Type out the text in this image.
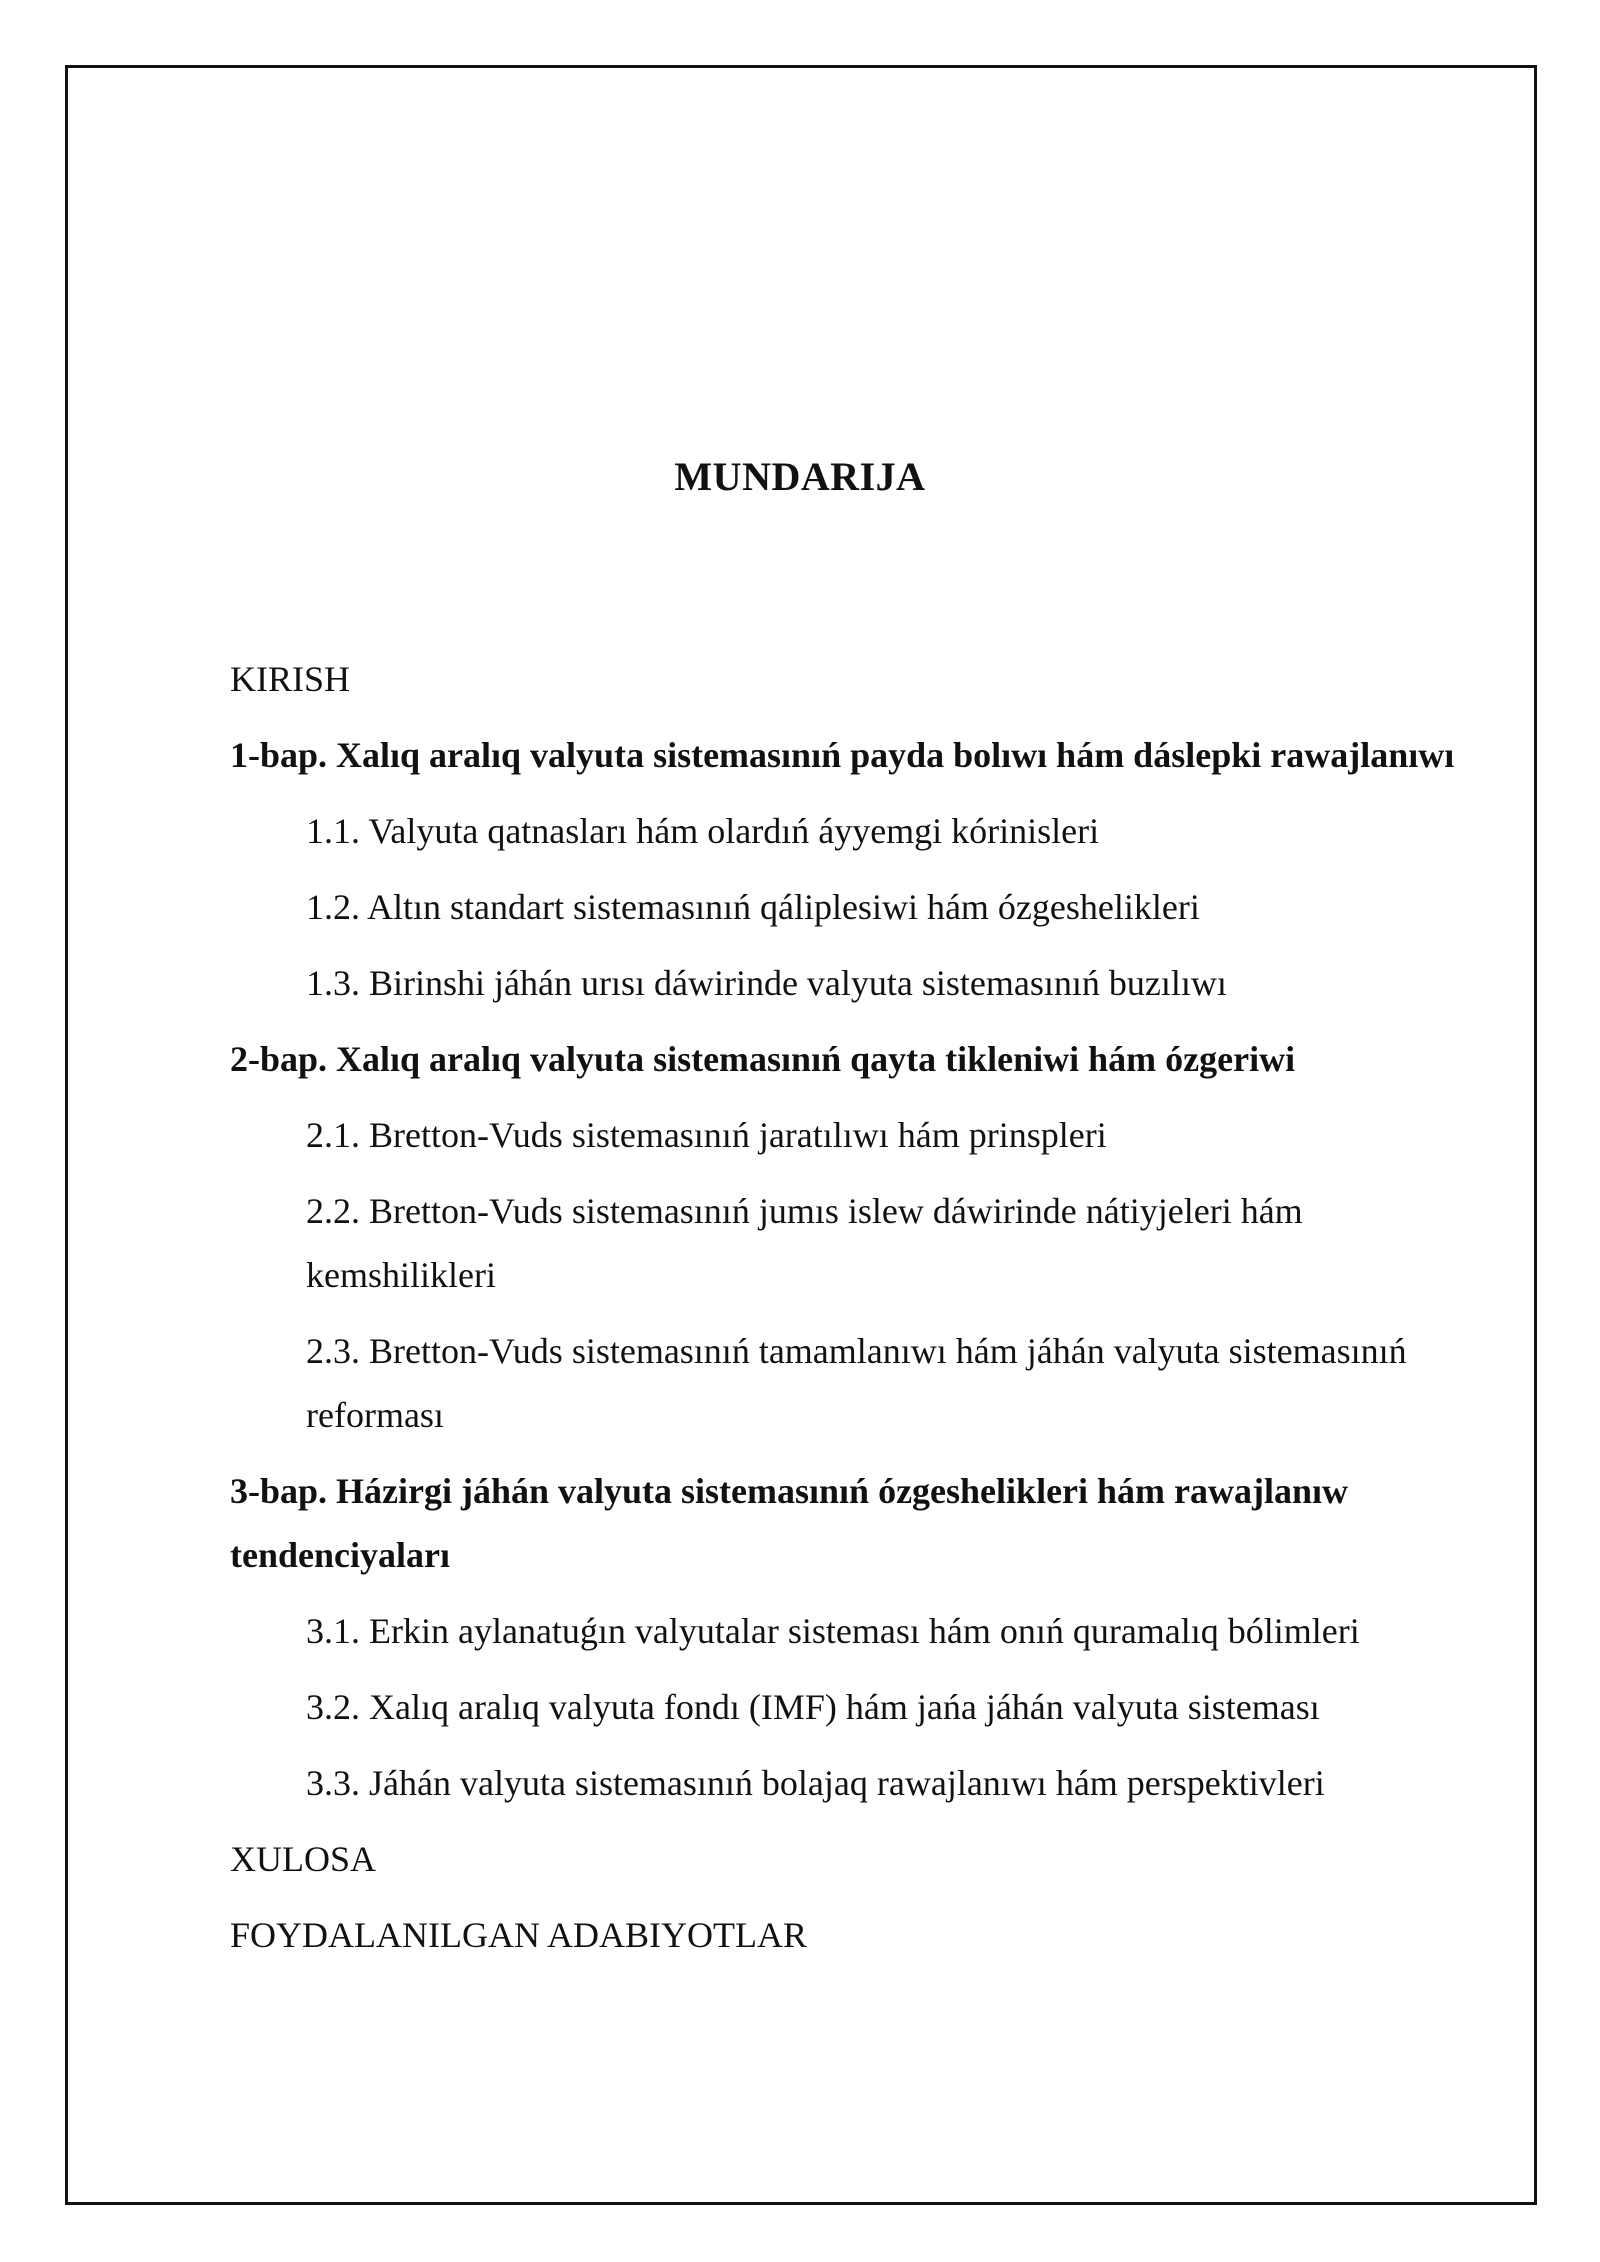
MUNDARIJA
KIRISH
1-bap. Xalıq aralıq valyuta sistemasınıń payda bolıwı hám dáslepki rawajlanıwı
1.1. Valyuta qatnasları hám olardıń áyyemgi kórinisleri
1.2. Altın standart sistemasınıń qáliplesiwi hám ózgeshelikleri
1.3. Birinshi jáhán urısı dáwirinde valyuta sistemasınıń buzılıwı
2-bap. Xalıq aralıq valyuta sistemasınıń qayta tikleniwi hám ózgeriwi
2.1. Bretton-Vuds sistemasınıń jaratılıwı hám prinspleri
2.2. Bretton-Vuds sistemasınıń jumıs islew dáwirinde nátiyjeleri hám kemshilikleri
2.3. Bretton-Vuds sistemasınıń tamamlanıwı hám jáhán valyuta sistemasınıń reforması
3-bap. Házirgi jáhán valyuta sistemasınıń ózgeshelikleri hám rawajlanıw tendenciyaları
3.1. Erkin aylanatuǵın valyutalar sisteması hám onıń quramalıq bólimleri
3.2. Xalıq aralıq valyuta fondı (IMF) hám jańa jáhán valyuta sisteması
3.3. Jáhán valyuta sistemasınıń bolajaq rawajlanıwı hám perspektivleri
XULOSA
FOYDALANILGAN ADABIYOTLAR
